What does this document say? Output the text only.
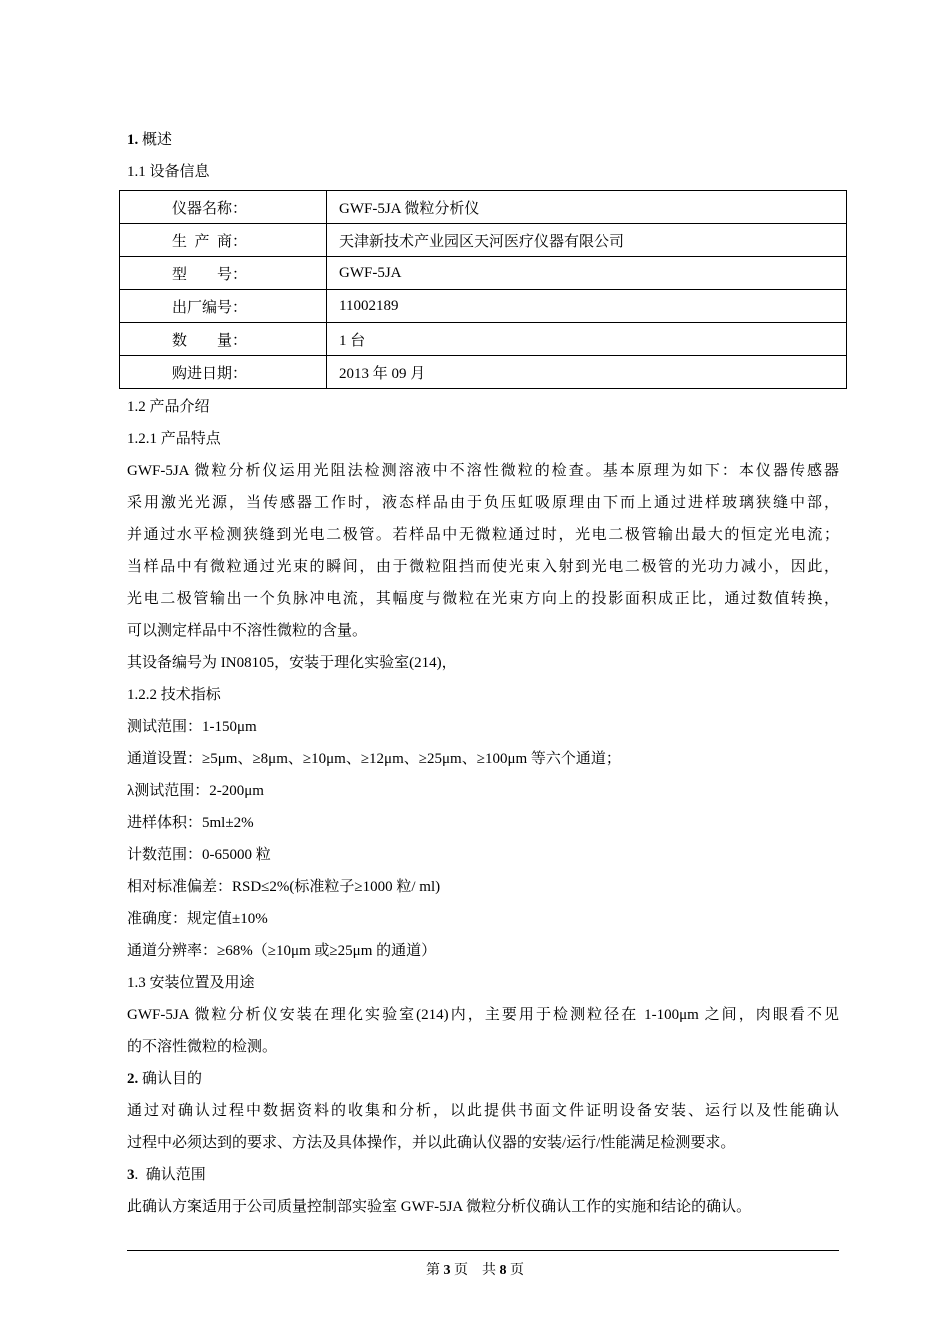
1. 概述
1.1 设备信息
仪器名称：	GWF-5JA 微粒分析仪
生  产  商：	天津新技术产业园区天河医疗仪器有限公司
型        号：	GWF-5JA
出厂编号：	11002189
数        量：	1 台
购进日期：	2013 年 09 月
1.2 产品介绍
1.2.1 产品特点
GWF-5JA 微粒分析仪运用光阻法检测溶液中不溶性微粒的检查。基本原理为如下：本仪器传感器
采用激光光源，当传感器工作时，液态样品由于负压虹吸原理由下而上通过进样玻璃狭缝中部，
并通过水平检测狭缝到光电二极管。若样品中无微粒通过时，光电二极管输出最大的恒定光电流；
当样品中有微粒通过光束的瞬间，由于微粒阻挡而使光束入射到光电二极管的光功力减小，因此，
光电二极管输出一个负脉冲电流，其幅度与微粒在光束方向上的投影面积成正比，通过数值转换，
可以测定样品中不溶性微粒的含量。
其设备编号为 IN08105，安装于理化实验室(214)，
1.2.2 技术指标
测试范围：1-150μm
通道设置：≥5μm、≥8μm、≥10μm、≥12μm、≥25μm、≥100μm 等六个通道；
λ测试范围：2-200μm
进样体积：5ml±2%
计数范围：0-65000 粒
相对标准偏差：RSD≤2%(标准粒子≥1000 粒/ ml)
准确度：规定值±10%
通道分辨率：≥68%（≥10μm 或≥25μm 的通道）
1.3 安装位置及用途
GWF-5JA 微粒分析仪安装在理化实验室(214)内，主要用于检测粒径在 1-100μm 之间，肉眼看不见
的不溶性微粒的检测。
2. 确认目的
通过对确认过程中数据资料的收集和分析，以此提供书面文件证明设备安装、运行以及性能确认
过程中必须达到的要求、方法及具体操作，并以此确认仪器的安装/运行/性能满足检测要求。
3.  确认范围
此确认方案适用于公司质量控制部实验室 GWF-5JA 微粒分析仪确认工作的实施和结论的确认。
第 3 页    共 8 页
